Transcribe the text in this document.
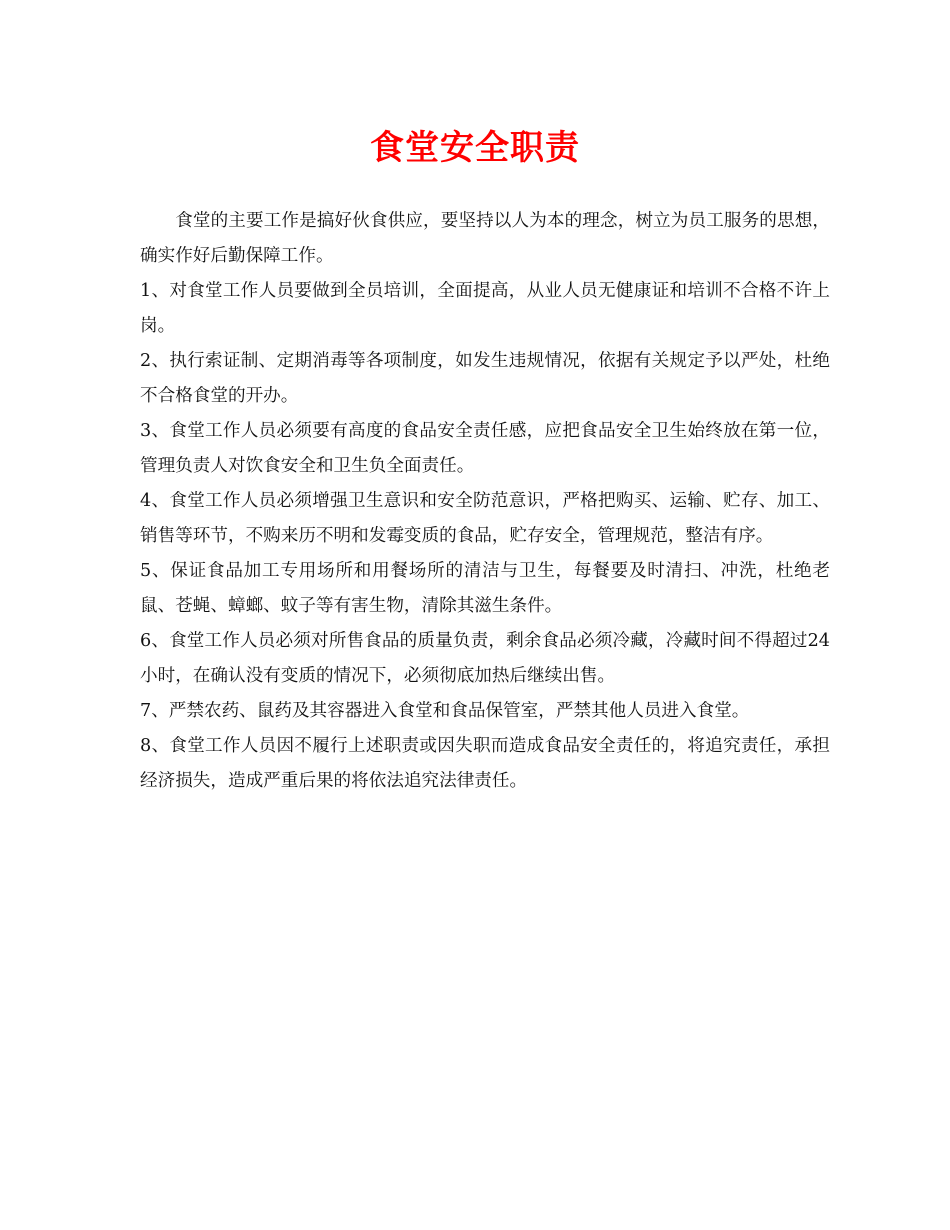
食堂安全职责

食堂的主要工作是搞好伙食供应，要坚持以人为本的理念，树立为员工服务的思想，确实作好后勤保障工作。

1、对食堂工作人员要做到全员培训，全面提高，从业人员无健康证和培训不合格不许上岗。

2、执行索证制、定期消毒等各项制度，如发生违规情况，依据有关规定予以严处，杜绝不合格食堂的开办。

3、食堂工作人员必须要有高度的食品安全责任感，应把食品安全卫生始终放在第一位，管理负责人对饮食安全和卫生负全面责任。

4、食堂工作人员必须增强卫生意识和安全防范意识，严格把购买、运输、贮存、加工、销售等环节，不购来历不明和发霉变质的食品，贮存安全，管理规范，整洁有序。

5、保证食品加工专用场所和用餐场所的清洁与卫生，每餐要及时清扫、冲洗，杜绝老鼠、苍蝇、蟑螂、蚊子等有害生物，清除其滋生条件。

6、食堂工作人员必须对所售食品的质量负责，剩余食品必须冷藏，冷藏时间不得超过24小时，在确认没有变质的情况下，必须彻底加热后继续出售。

7、严禁农药、鼠药及其容器进入食堂和食品保管室，严禁其他人员进入食堂。

8、食堂工作人员因不履行上述职责或因失职而造成食品安全责任的，将追究责任，承担经济损失，造成严重后果的将依法追究法律责任。
